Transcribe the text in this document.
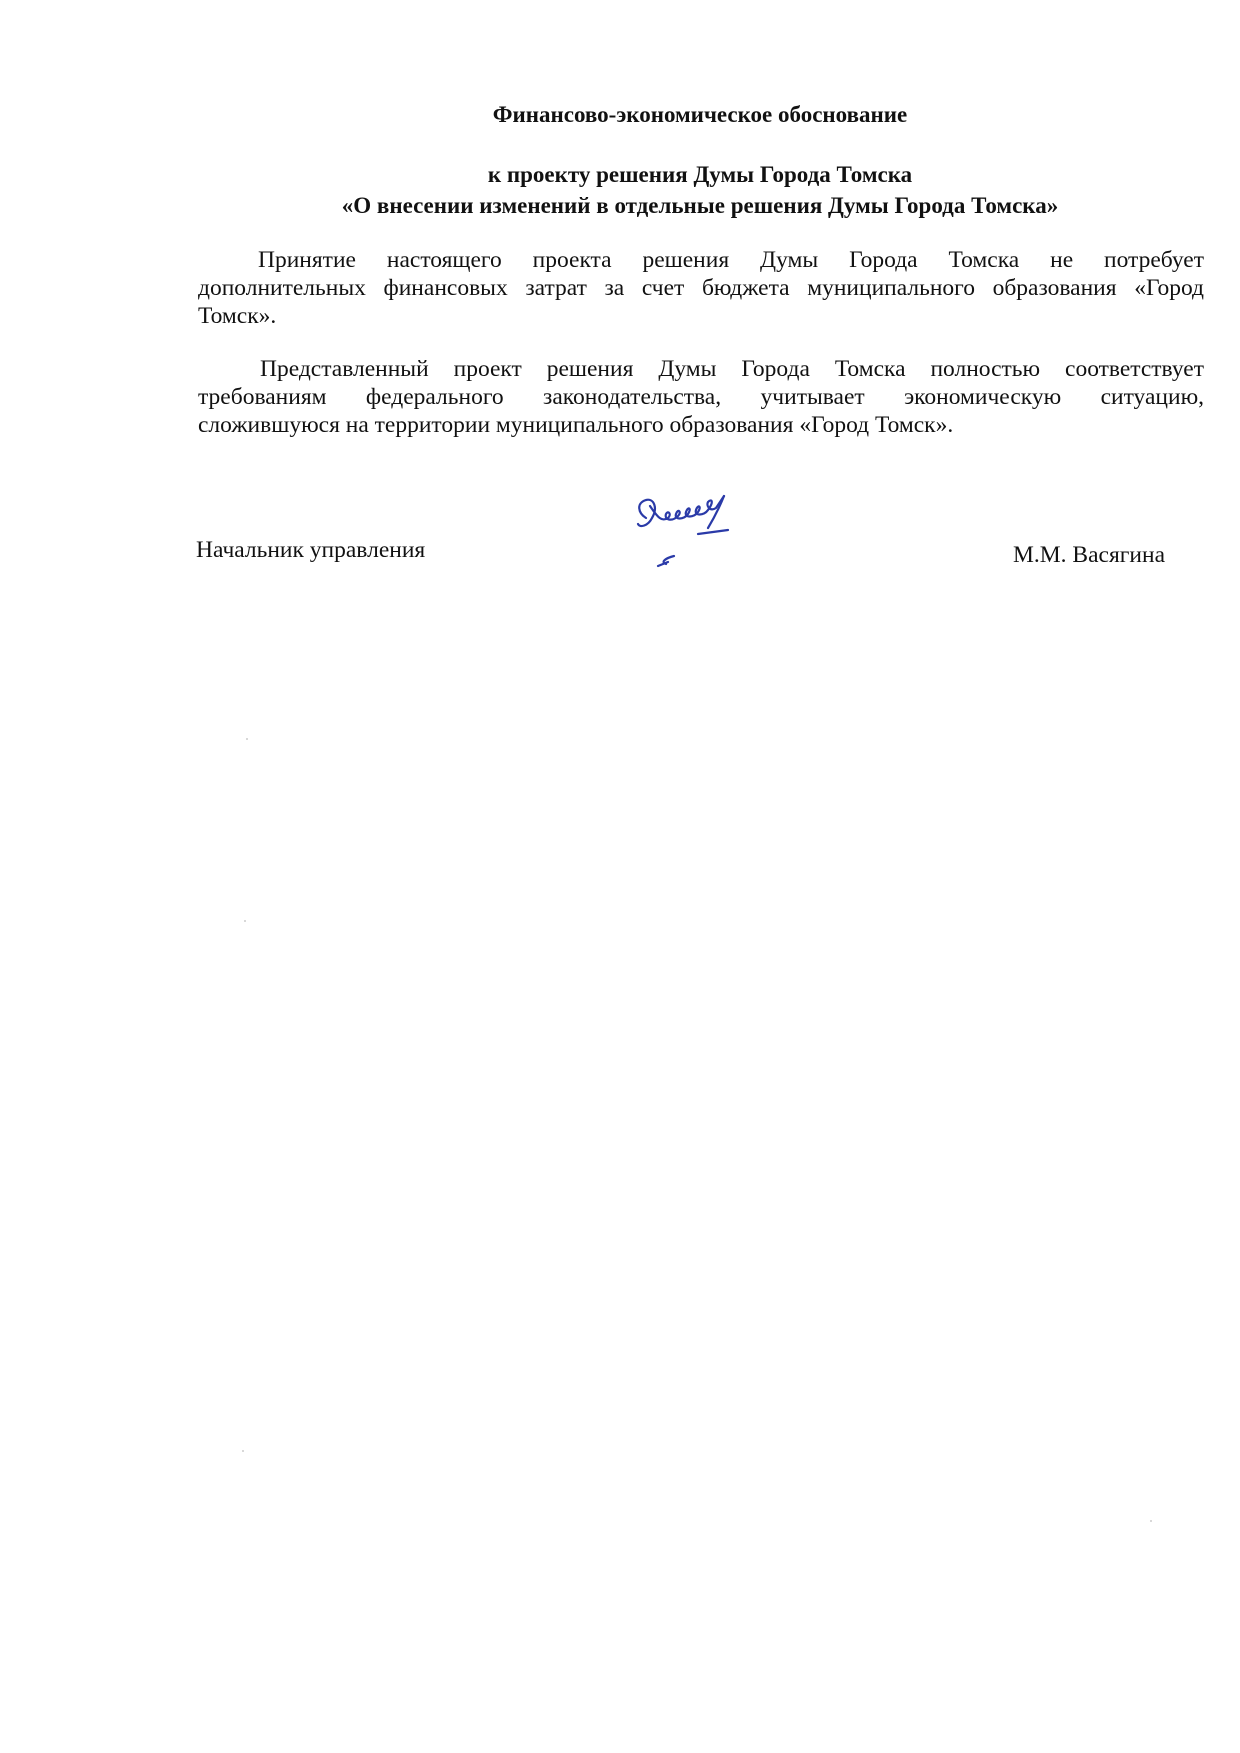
Финансово-экономическое обоснование
к проекту решения Думы Города Томска
«О внесении изменений в отдельные решения Думы Города Томска»
Принятие настоящего проекта решения Думы Города Томска не потребует
дополнительных финансовых затрат за счет бюджета муниципального образования «Город
Томск».
Представленный проект решения Думы Города Томска полностью соответствует
требованиям федерального законодательства, учитывает экономическую ситуацию,
сложившуюся на территории муниципального образования «Город Томск».
Начальник управления	М.М. Васягина
